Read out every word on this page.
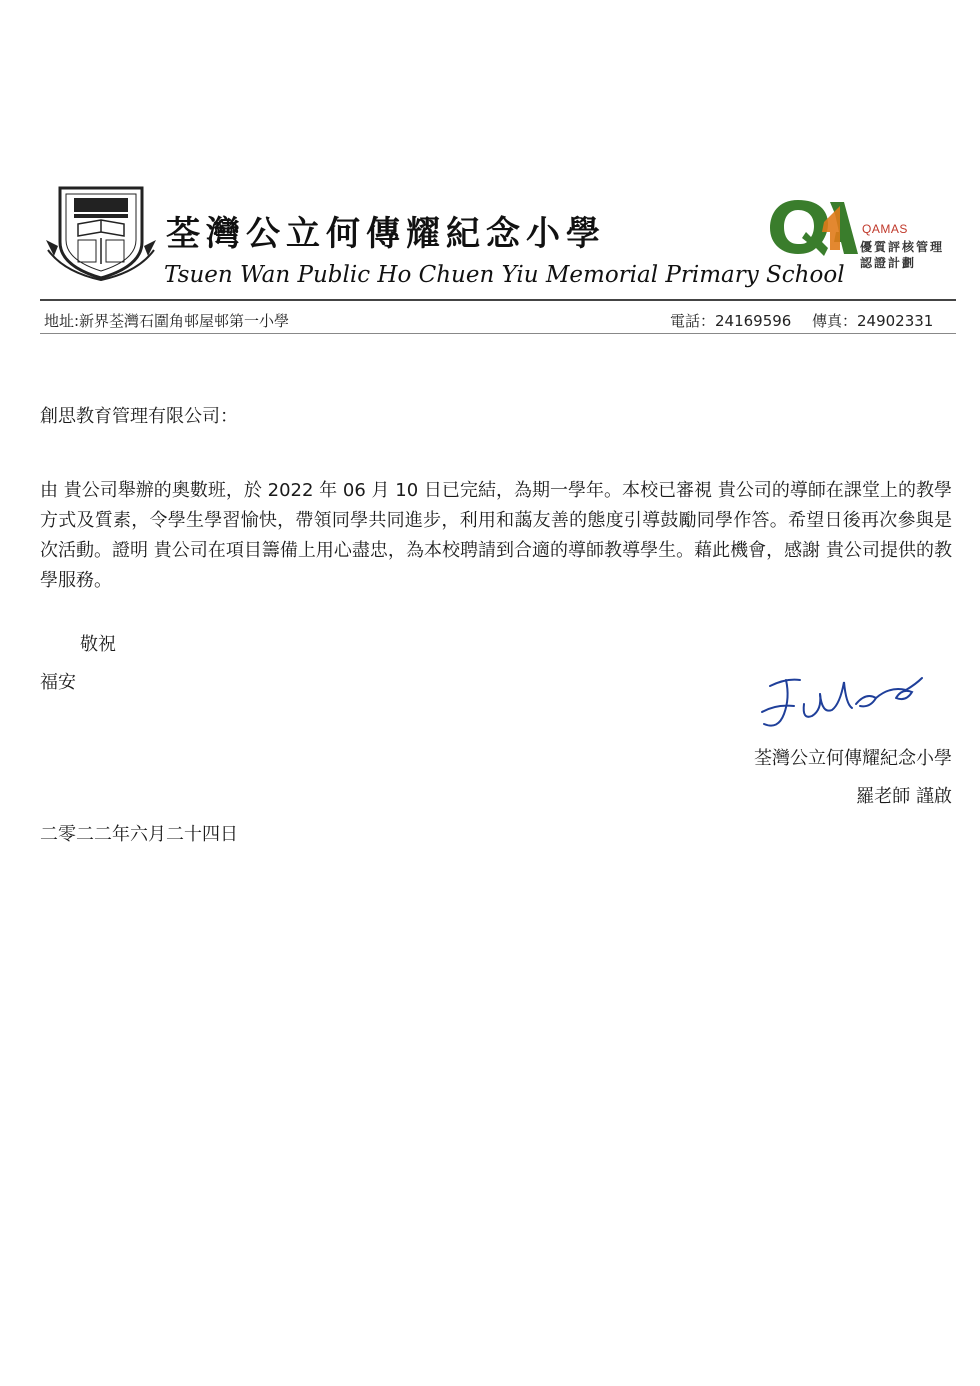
荃灣公立何傳耀紀念小學
Tsuen Wan Public Ho Chuen Yiu Memorial Primary School
QAMAS
優質評核管理
認證計劃
地址:新界荃灣石圍角邨屋邨第一小學	電話：24169596 傳真：24902331
創思教育管理有限公司：
由 貴公司舉辦的奧數班，於 2022 年 06 月 10 日已完結，為期一學年。本校已審視 貴公司的導師在課堂上的教學方式及質素，令學生學習愉快，帶領同學共同進步，利用和藹友善的態度引導鼓勵同學作答。希望日後再次參與是次活動。證明 貴公司在項目籌備上用心盡忠，為本校聘請到合適的導師教導學生。藉此機會，感謝 貴公司提供的教學服務。
敬祝
福安
荃灣公立何傳耀紀念小學
羅老師 謹啟
二零二二年六月二十四日
